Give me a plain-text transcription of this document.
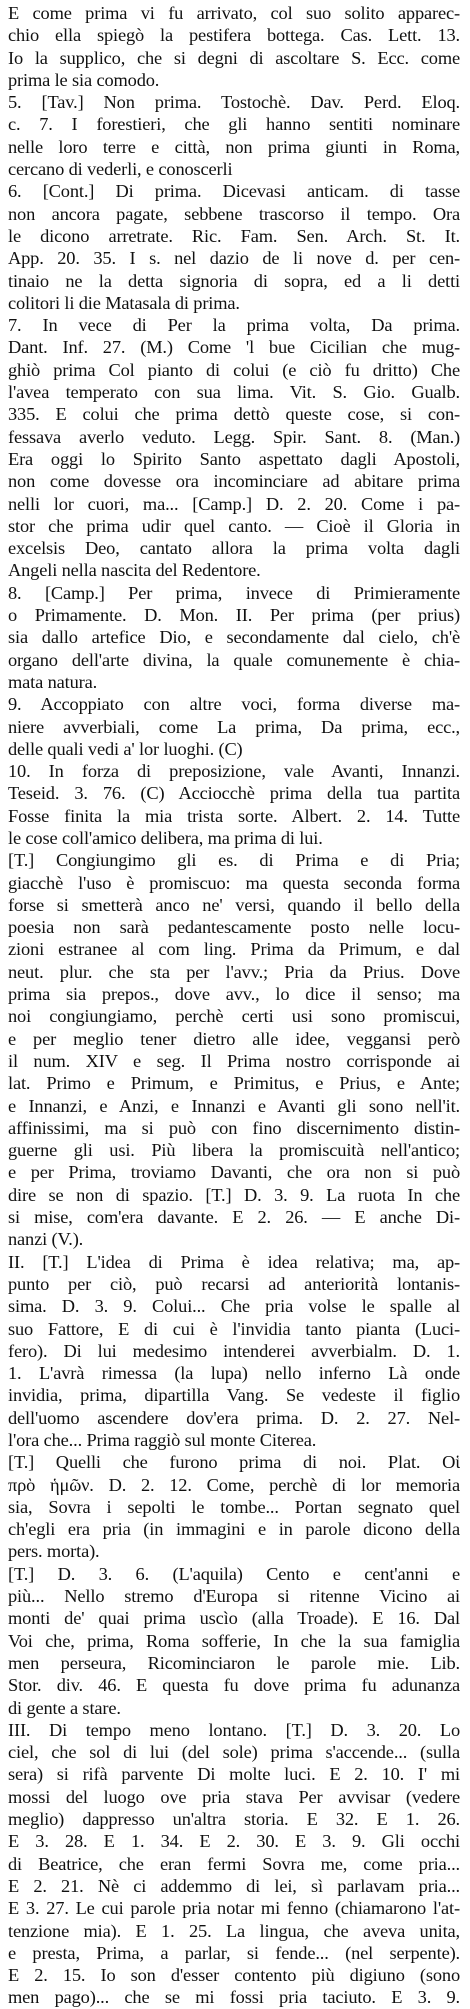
E come prima vi fu arrivato, col suo solito apparec-
chio ella spiegò la pestifera bottega. Cas. Lett. 13.
Io la supplico, che si degni di ascoltare S. Ecc. come
prima le sia comodo.
5. [Tav.] Non prima. Tostochè. Dav. Perd. Eloq.
c. 7. I forestieri, che gli hanno sentiti nominare
nelle loro terre e città, non prima giunti in Roma,
cercano di vederli, e conoscerli
6. [Cont.] Di prima. Dicevasi anticam. di tasse
non ancora pagate, sebbene trascorso il tempo. Ora
le dicono arretrate. Ric. Fam. Sen. Arch. St. It.
App. 20. 35. I s. nel dazio de li nove d. per cen-
tinaio ne la detta signoria di sopra, ed a li detti
colitori li die Matasala di prima.
7. In vece di Per la prima volta, Da prima.
Dant. Inf. 27. (M.) Come 'l bue Cicilian che mug-
ghiò prima Col pianto di colui (e ciò fu dritto) Che
l'avea temperato con sua lima. Vit. S. Gio. Gualb.
335. E colui che prima dettò queste cose, si con-
fessava averlo veduto. Legg. Spir. Sant. 8. (Man.)
Era oggi lo Spirito Santo aspettato dagli Apostoli,
non come dovesse ora incominciare ad abitare prima
nelli lor cuori, ma... [Camp.] D. 2. 20. Come i pa-
stor che prima udir quel canto. — Cioè il Gloria in
excelsis Deo, cantato allora la prima volta dagli
Angeli nella nascita del Redentore.
8. [Camp.] Per prima, invece di Primieramente
o Primamente. D. Mon. II. Per prima (per prius)
sia dallo artefice Dio, e secondamente dal cielo, ch'è
organo dell'arte divina, la quale comunemente è chia-
mata natura.
9. Accoppiato con altre voci, forma diverse ma-
niere avverbiali, come La prima, Da prima, ecc.,
delle quali vedi a' lor luoghi. (C)
10. In forza di preposizione, vale Avanti, Innanzi.
Teseid. 3. 76. (C) Acciocchè prima della tua partita
Fosse finita la mia trista sorte. Albert. 2. 14. Tutte
le cose coll'amico delibera, ma prima di lui.
[T.] Congiungimo gli es. di Prima e di Pria;
giacchè l'uso è promiscuo: ma questa seconda forma
forse si smetterà anco ne' versi, quando il bello della
poesia non sarà pedantescamente posto nelle locu-
zioni estranee al com ling. Prima da Primum, e dal
neut. plur. che sta per l'avv.; Pria da Prius. Dove
prima sia prepos., dove avv., lo dice il senso; ma
noi congiungiamo, perchè certi usi sono promiscui,
e per meglio tener dietro alle idee, veggansi però
il num. XIV e seg. Il Prima nostro corrisponde ai
lat. Primo e Primum, e Primitus, e Prius, e Ante;
e Innanzi, e Anzi, e Innanzi e Avanti gli sono nell'it.
affinissimi, ma si può con fino discernimento distin-
guerne gli usi. Più libera la promiscuità nell'antico;
e per Prima, troviamo Davanti, che ora non si può
dire se non di spazio. [T.] D. 3. 9. La ruota In che
si mise, com'era davante. E 2. 26. — E anche Di-
nanzi (V.).
II. [T.] L'idea di Prima è idea relativa; ma, ap-
punto per ciò, può recarsi ad anteriorità lontanis-
sima. D. 3. 9. Colui... Che pria volse le spalle al
suo Fattore, E di cui è l'invidia tanto pianta (Luci-
fero). Di lui medesimo intenderei avverbialm. D. 1.
1. L'avrà rimessa (la lupa) nello inferno Là onde
invidia, prima, dipartilla Vang. Se vedeste il figlio
dell'uomo ascendere dov'era prima. D. 2. 27. Nel-
l'ora che... Prima raggiò sul monte Citerea.
[T.] Quelli che furono prima di noi. Plat. Οἱ
πρὸ ἡμῶν. D. 2. 12. Come, perchè di lor memoria
sia, Sovra i sepolti le tombe... Portan segnato quel
ch'egli era pria (in immagini e in parole dicono della
pers. morta).
[T.] D. 3. 6. (L'aquila) Cento e cent'anni e
più... Nello stremo d'Europa si ritenne Vicino ai
monti de' quai prima uscìo (alla Troade). E 16. Dal
Voi che, prima, Roma sofferie, In che la sua famiglia
men perseura, Ricominciaron le parole mie. Lib.
Stor. div. 46. E questa fu dove prima fu adunanza
di gente a stare.
III. Di tempo meno lontano. [T.] D. 3. 20. Lo
ciel, che sol di lui (del sole) prima s'accende... (sulla
sera) si rifà parvente Di molte luci. E 2. 10. I' mi
mossi del luogo ove pria stava Per avvisar (vedere
meglio) dappresso un'altra storia. E 32. E 1. 26.
E 3. 28. E 1. 34. E 2. 30. E 3. 9. Gli occhi
di Beatrice, che eran fermi Sovra me, come pria...
E 2. 21. Nè ci addemmo di lei, sì parlavam pria...
E 3. 27. Le cui parole pria notar mi fenno (chiamarono l'at-
tenzione mia). E 1. 25. La lingua, che aveva unita,
e presta, Prima, a parlar, si fende... (nel serpente).
E 2. 15. Io son d'esser contento più digiuno (sono
men pago)... che se mi fossi pria taciuto. E 3. 9.
